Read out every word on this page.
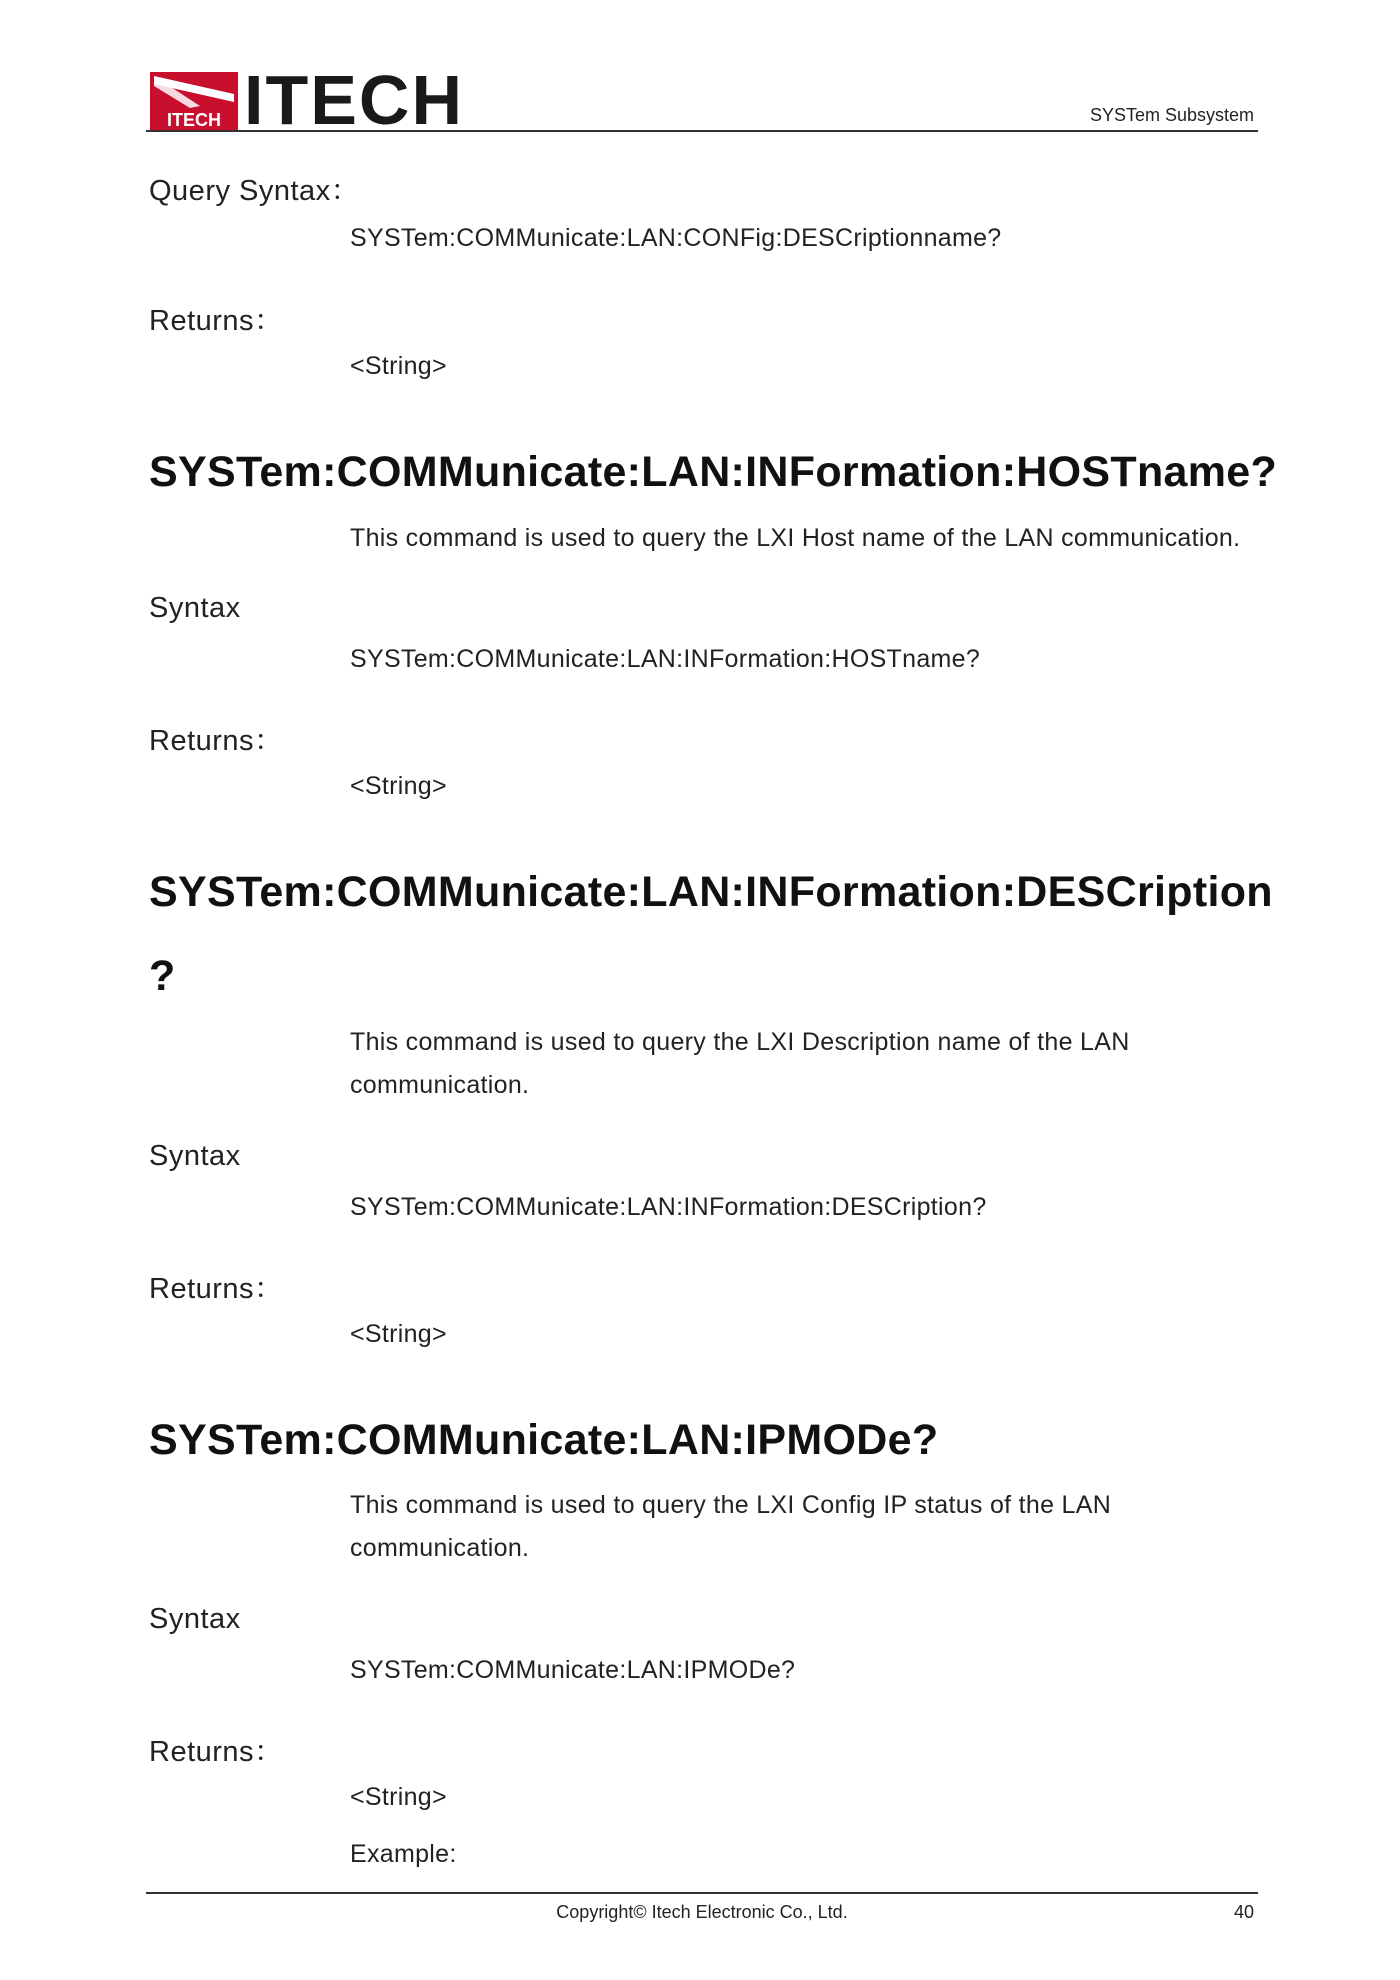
ITECH ITECH	SYSTem Subsystem
Query Syntax：
SYSTem:COMMunicate:LAN:CONFig:DESCriptionname?
Returns：
<String>
SYSTem:COMMunicate:LAN:INFormation:HOSTname?
This command is used to query the LXI Host name of the LAN communication.
Syntax
SYSTem:COMMunicate:LAN:INFormation:HOSTname?
Returns：
<String>
SYSTem:COMMunicate:LAN:INFormation:DESCription
?
This command is used to query the LXI Description name of the LAN communication.
Syntax
SYSTem:COMMunicate:LAN:INFormation:DESCription?
Returns：
<String>
SYSTem:COMMunicate:LAN:IPMODe?
This command is used to query the LXI Config IP status of the LAN communication.
Syntax
SYSTem:COMMunicate:LAN:IPMODe?
Returns：
<String>
Example:
Copyright© Itech Electronic Co., Ltd.	40
